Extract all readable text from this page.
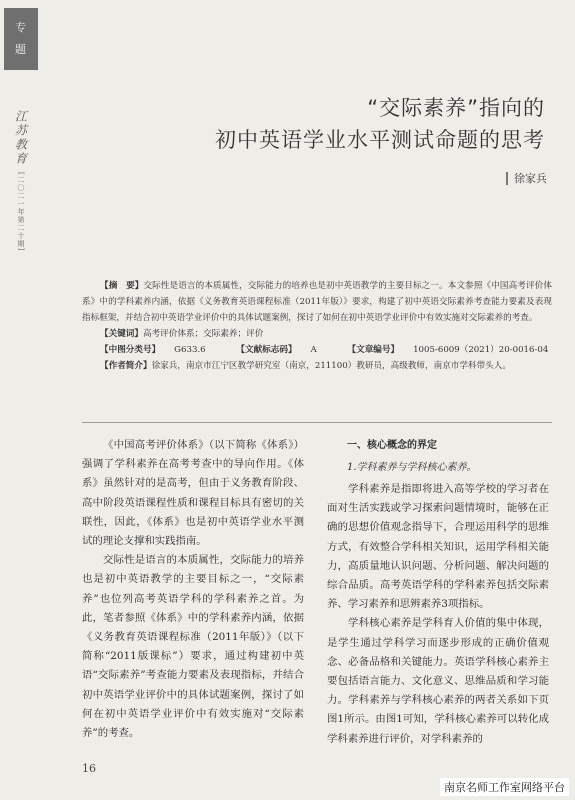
专
题
江苏教育
[二〇二一年第二十期]
“交际素养”指向的
初中英语学业水平测试命题的思考
徐家兵

【摘　要】交际性是语言的本质属性，交际能力的培养也是初中英语教学的主要目标之一。本文参照《中国高考评价体系》中的学科素养内涵，依据《义务教育英语课程标准（2011年版）》要求，构建了初中英语交际素养考查能力要素及表现指标框架，并结合初中英语学业评价中的具体试题案例，探讨了如何在初中英语学业评价中有效实施对交际素养的考查。

【关键词】高考评价体系；交际素养；评价

【中图分类号】 G633.6	【文献标志码】 A	【文章编号】 1005-6009（2021）20-0016-04

【作者简介】徐家兵，南京市江宁区教学研究室（南京，211100）教研员，高级教师，南京市学科带头人。

《中国高考评价体系》（以下简称《体系》）强调了学科素养在高考考查中的导向作用。《体系》虽然针对的是高考，但由于义务教育阶段、高中阶段英语课程性质和课程目标具有密切的关联性，因此，《体系》也是初中英语学业水平测试的理论支撑和实践指南。

交际性是语言的本质属性，交际能力的培养也是初中英语教学的主要目标之一，“交际素养”也位列高考英语学科的学科素养之首。为此，笔者参照《体系》中的学科素养内涵，依据《义务教育英语课程标准（2011年版）》（以下简称“2011版课标”）要求，通过构建初中英语“交际素养”考查能力要素及表现指标，并结合初中英语学业评价中的具体试题案例，探讨了如何在初中英语学业评价中有效实施对“交际素养”的考查。

一、核心概念的界定
1.学科素养与学科核心素养。

学科素养是指即将进入高等学校的学习者在面对生活实践或学习探索问题情境时，能够在正确的思想价值观念指导下，合理运用科学的思维方式，有效整合学科相关知识，运用学科相关能力，高质量地认识问题、分析问题、解决问题的综合品质。高考英语学科的学科素养包括交际素养、学习素养和思辨素养3项指标。

学科核心素养是学科育人价值的集中体现，是学生通过学科学习而逐步形成的正确价值观念、必备品格和关键能力。英语学科核心素养主要包括语言能力、文化意义、思维品质和学习能力。学科素养与学科核心素养的两者关系如下页图1所示。由图1可知，学科核心素养可以转化成学科素养进行评价，对学科素养的

16
南京名师工作室网络平台
